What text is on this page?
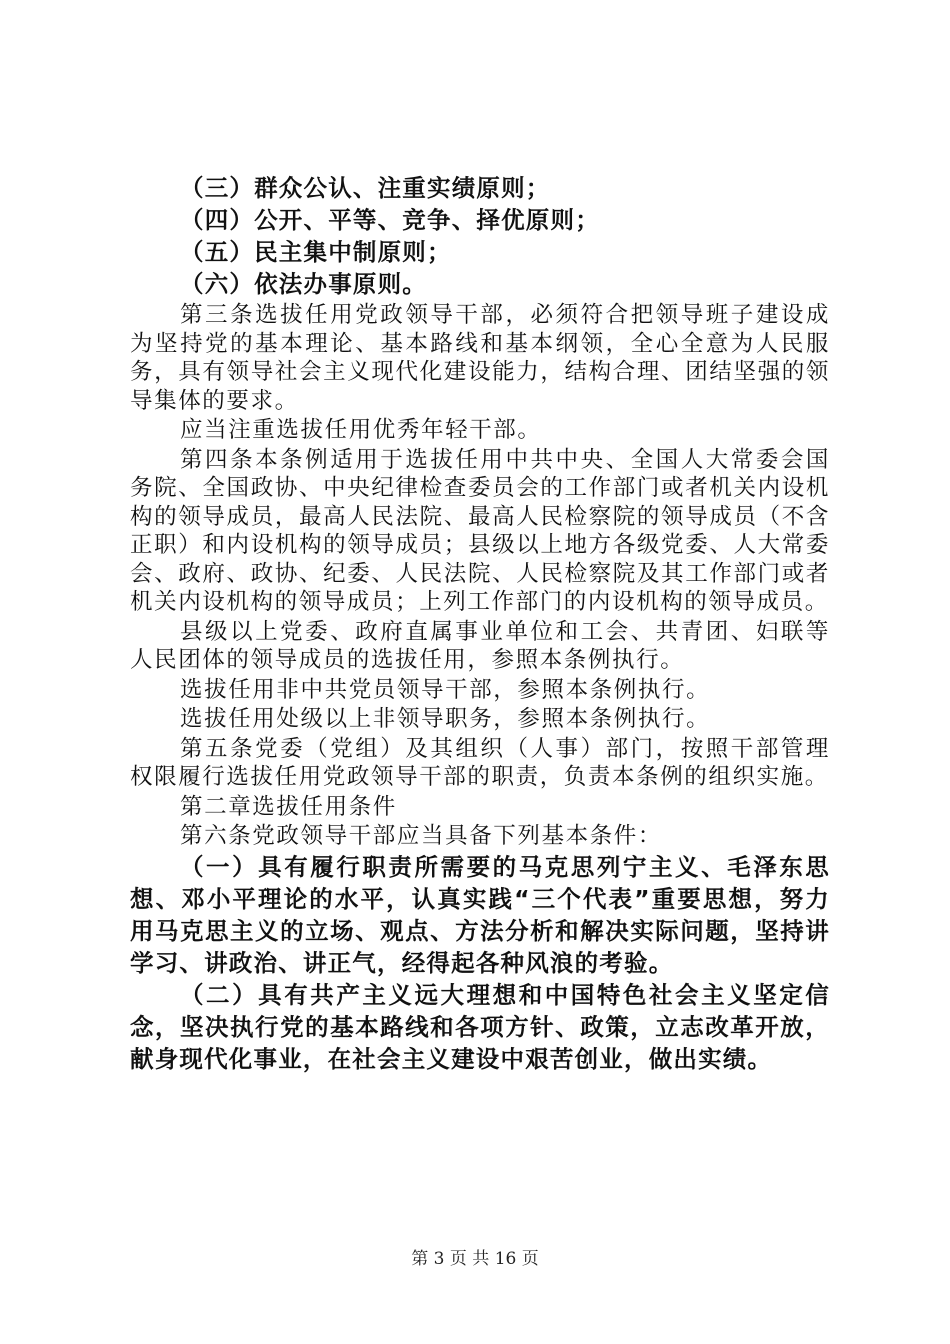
（三）群众公认、注重实绩原则；

（四）公开、平等、竞争、择优原则；

（五）民主集中制原则；

（六）依法办事原则。

第三条选拔任用党政领导干部，必须符合把领导班子建设成为坚持党的基本理论、基本路线和基本纲领，全心全意为人民服务，具有领导社会主义现代化建设能力，结构合理、团结坚强的领导集体的要求。

应当注重选拔任用优秀年轻干部。

第四条本条例适用于选拔任用中共中央、全国人大常委会国务院、全国政协、中央纪律检查委员会的工作部门或者机关内设机构的领导成员，最高人民法院、最高人民检察院的领导成员（不含正职）和内设机构的领导成员；县级以上地方各级党委、人大常委会、政府、政协、纪委、人民法院、人民检察院及其工作部门或者机关内设机构的领导成员；上列工作部门的内设机构的领导成员。

县级以上党委、政府直属事业单位和工会、共青团、妇联等人民团体的领导成员的选拔任用，参照本条例执行。

选拔任用非中共党员领导干部，参照本条例执行。

选拔任用处级以上非领导职务，参照本条例执行。

第五条党委（党组）及其组织（人事）部门，按照干部管理权限履行选拔任用党政领导干部的职责，负责本条例的组织实施。

第二章选拔任用条件

第六条党政领导干部应当具备下列基本条件：

（一）具有履行职责所需要的马克思列宁主义、毛泽东思想、邓小平理论的水平，认真实践“三个代表”重要思想，努力用马克思主义的立场、观点、方法分析和解决实际问题，坚持讲学习、讲政治、讲正气，经得起各种风浪的考验。

（二）具有共产主义远大理想和中国特色社会主义坚定信念，坚决执行党的基本路线和各项方针、政策，立志改革开放，献身现代化事业，在社会主义建设中艰苦创业，做出实绩。

第 3 页 共 16 页
